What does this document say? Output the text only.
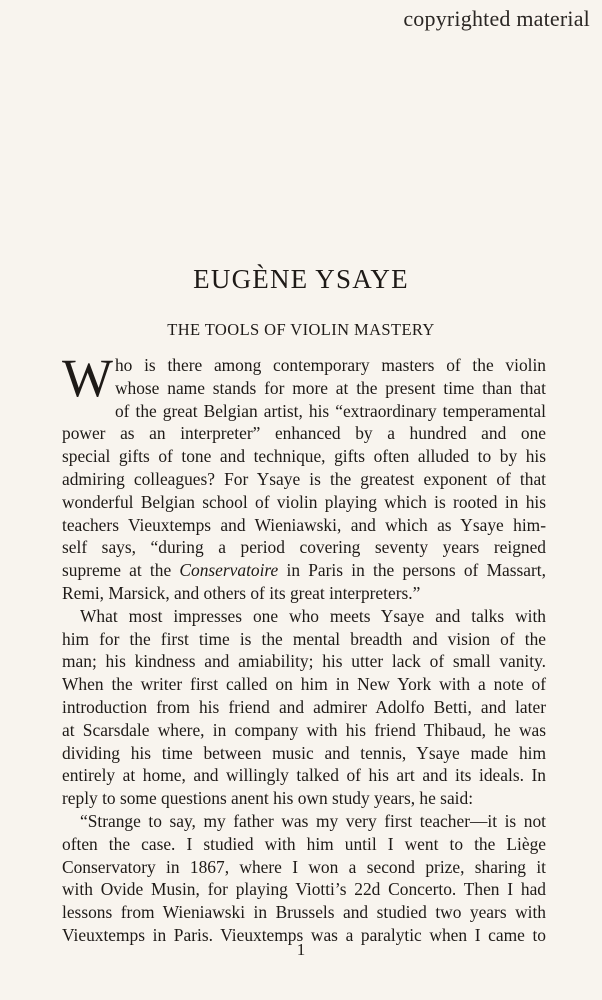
copyrighted material
EUGÈNE YSAYE
THE TOOLS OF VIOLIN MASTERY
W ho is there among contemporary masters of the violin
whose name stands for more at the present time than that
of the great Belgian artist, his “extraordinary temperamental
power as an interpreter” enhanced by a hundred and one
special gifts of tone and technique, gifts often alluded to by his
admiring colleagues? For Ysaye is the greatest exponent of that
wonderful Belgian school of violin playing which is rooted in his
teachers Vieuxtemps and Wieniawski, and which as Ysaye him-
self says, “during a period covering seventy years reigned
supreme at the Conservatoire in Paris in the persons of Massart,
Remi, Marsick, and others of its great interpreters.”
What most impresses one who meets Ysaye and talks with
him for the first time is the mental breadth and vision of the
man; his kindness and amiability; his utter lack of small vanity.
When the writer first called on him in New York with a note of
introduction from his friend and admirer Adolfo Betti, and later
at Scarsdale where, in company with his friend Thibaud, he was
dividing his time between music and tennis, Ysaye made him
entirely at home, and willingly talked of his art and its ideals. In
reply to some questions anent his own study years, he said:
“Strange to say, my father was my very first teacher—it is not
often the case. I studied with him until I went to the Liège
Conservatory in 1867, where I won a second prize, sharing it
with Ovide Musin, for playing Viotti’s 22d Concerto. Then I had
lessons from Wieniawski in Brussels and studied two years with
Vieuxtemps in Paris. Vieuxtemps was a paralytic when I came to
1
